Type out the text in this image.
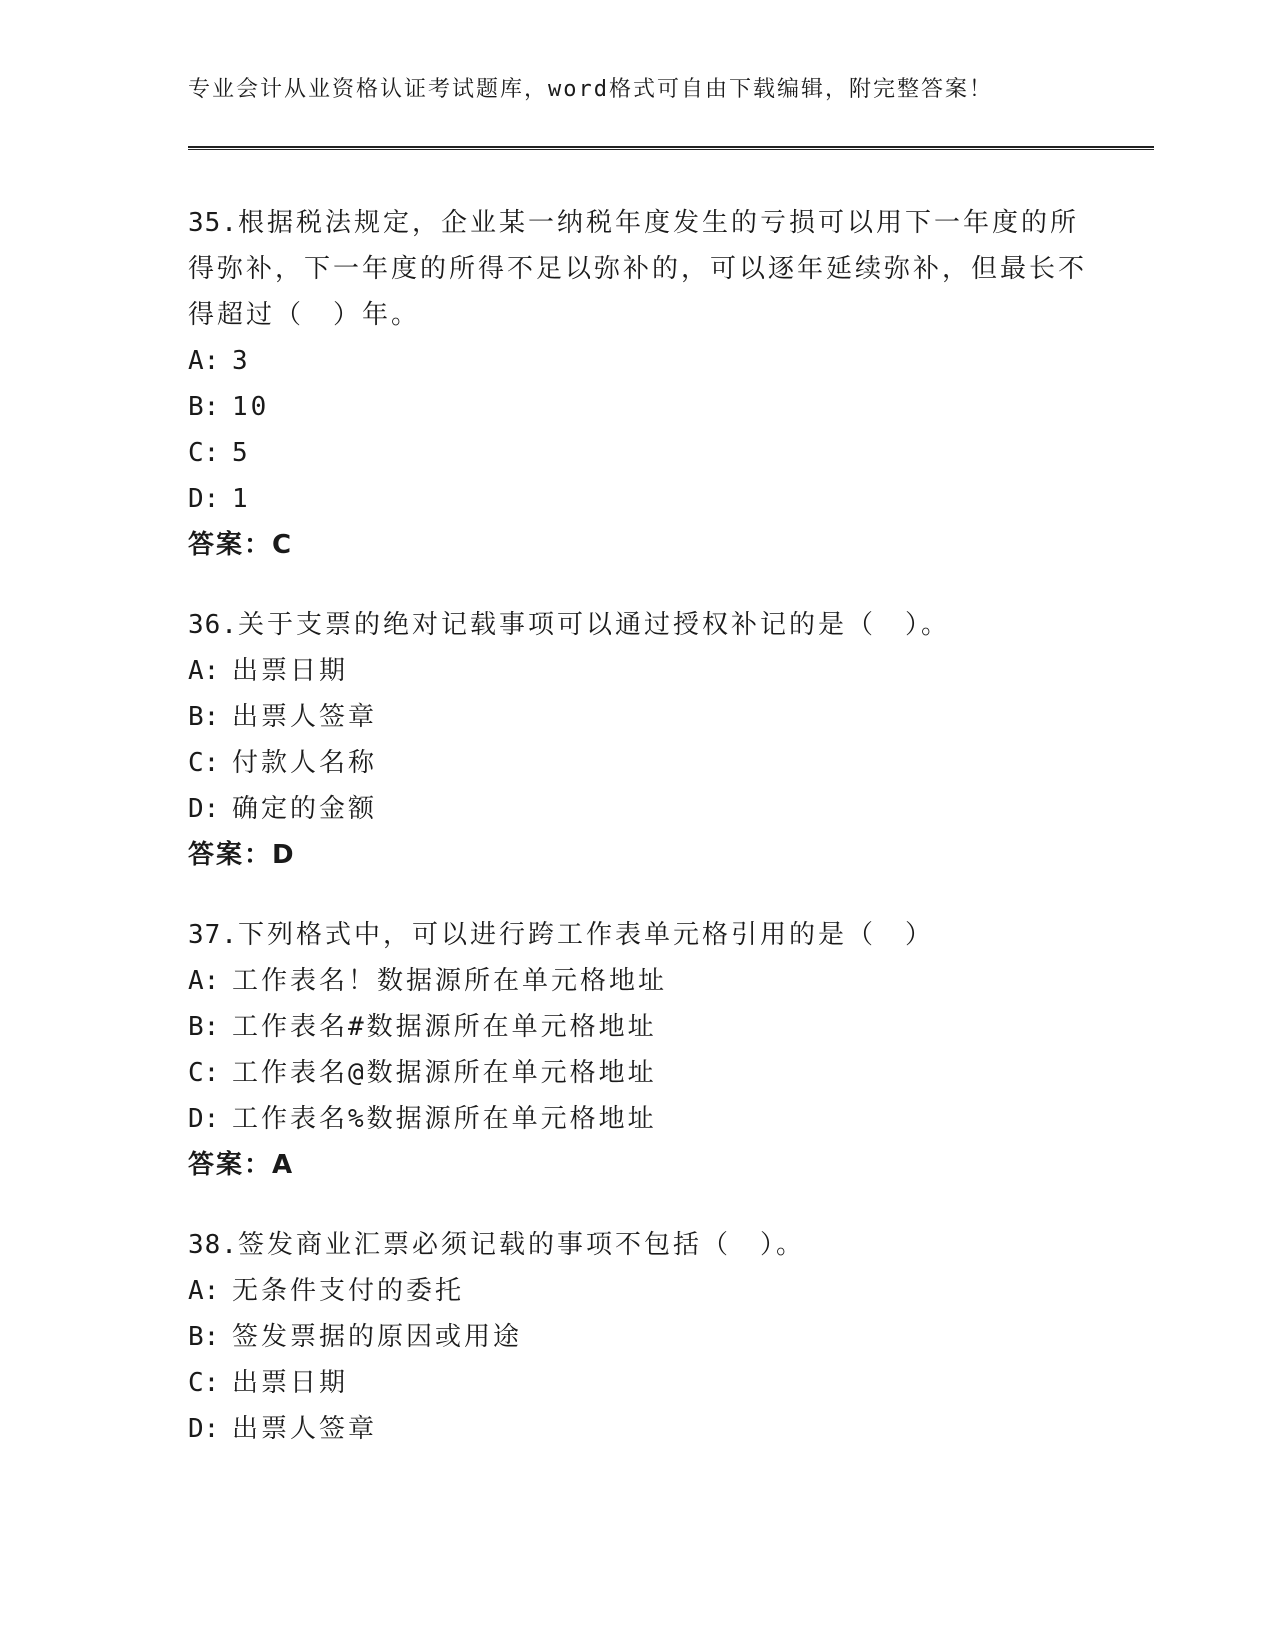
专业会计从业资格认证考试题库，word格式可自由下载编辑，附完整答案！
35.根据税法规定，企业某一纳税年度发生的亏损可以用下一年度的所得弥补，下一年度的所得不足以弥补的，可以逐年延续弥补，但最长不得超过（　）年。
A: 3
B: 10
C: 5
D: 1
答案：C
36.关于支票的绝对记载事项可以通过授权补记的是（　）。
A: 出票日期
B: 出票人签章
C: 付款人名称
D: 确定的金额
答案：D
37.下列格式中，可以进行跨工作表单元格引用的是（　）
A: 工作表名！数据源所在单元格地址
B: 工作表名#数据源所在单元格地址
C: 工作表名@数据源所在单元格地址
D: 工作表名%数据源所在单元格地址
答案：A
38.签发商业汇票必须记载的事项不包括（　）。
A: 无条件支付的委托
B: 签发票据的原因或用途
C: 出票日期
D: 出票人签章
